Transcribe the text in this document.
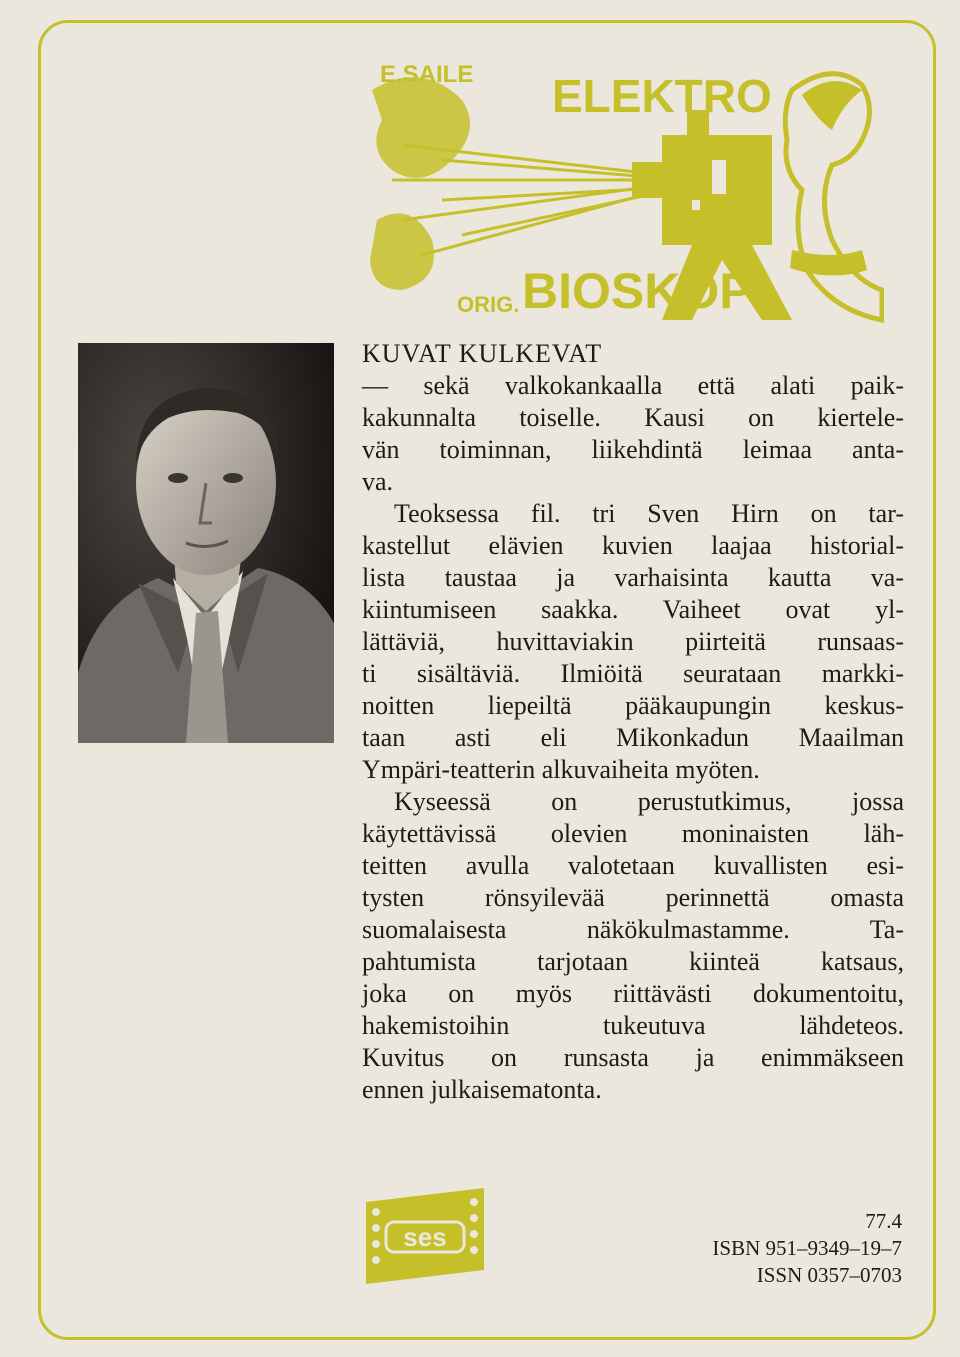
E.SAILE ELEKTRO
ORIG. BIOSKOP
KUVAT KULKEVAT
— sekä valkokankaalla että alati paik-
kakunnalta toiselle. Kausi on kiertele-
vän toiminnan, liikehdintä leimaa anta-
va.
Teoksessa fil. tri Sven Hirn on tar-
kastellut elävien kuvien laajaa historial-
lista taustaa ja varhaisinta kautta va-
kiintumiseen saakka. Vaiheet ovat yl-
lättäviä, huvittaviakin piirteitä runsaas-
ti sisältäviä. Ilmiöitä seurataan markki-
noitten liepeiltä pääkaupungin keskus-
taan asti eli Mikonkadun Maailman
Ympäri-teatterin alkuvaiheita myöten.
Kyseessä on perustutkimus, jossa
käytettävissä olevien moninaisten läh-
teitten avulla valotetaan kuvallisten esi-
tysten rönsyilevää perinnettä omasta
suomalaisesta näkökulmastamme. Ta-
pahtumista tarjotaan kiinteä katsaus,
joka on myös riittävästi dokumentoitu,
hakemistoihin tukeutuva lähdeteos.
Kuvitus on runsasta ja enimmäkseen
ennen julkaisematonta.
ses
77.4
ISBN 951–9349–19–7
ISSN 0357–0703
